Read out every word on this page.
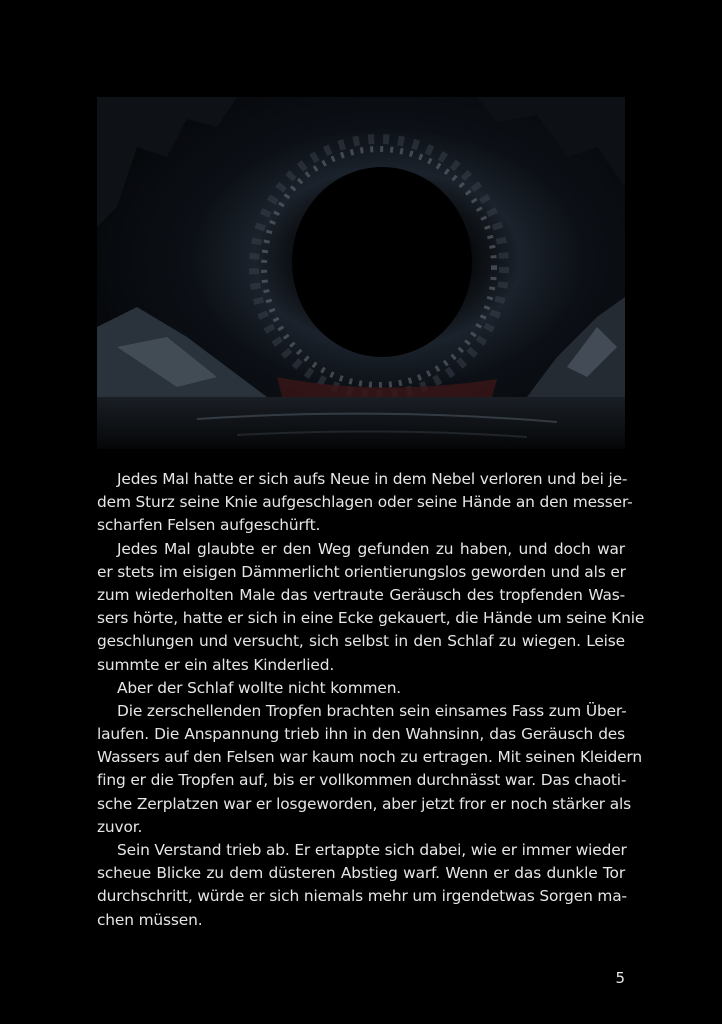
Jedes Mal hatte er sich aufs Neue in dem Nebel verloren und bei je-
dem Sturz seine Knie aufgeschlagen oder seine Hände an den messer-
scharfen Felsen aufgeschürft.
Jedes Mal glaubte er den Weg gefunden zu haben, und doch war
er stets im eisigen Dämmerlicht orientierungslos geworden und als er
zum wiederholten Male das vertraute Geräusch des tropfenden Was-
sers hörte, hatte er sich in eine Ecke gekauert, die Hände um seine Knie
geschlungen und versucht, sich selbst in den Schlaf zu wiegen. Leise
summte er ein altes Kinderlied.
Aber der Schlaf wollte nicht kommen.
Die zerschellenden Tropfen brachten sein einsames Fass zum Über-
laufen. Die Anspannung trieb ihn in den Wahnsinn, das Geräusch des
Wassers auf den Felsen war kaum noch zu ertragen. Mit seinen Kleidern
fing er die Tropfen auf, bis er vollkommen durchnässt war. Das chaoti-
sche Zerplatzen war er losgeworden, aber jetzt fror er noch stärker als
zuvor.
Sein Verstand trieb ab. Er ertappte sich dabei, wie er immer wieder
scheue Blicke zu dem düsteren Abstieg warf. Wenn er das dunkle Tor
durchschritt, würde er sich niemals mehr um irgendetwas Sorgen ma-
chen müssen.
5
